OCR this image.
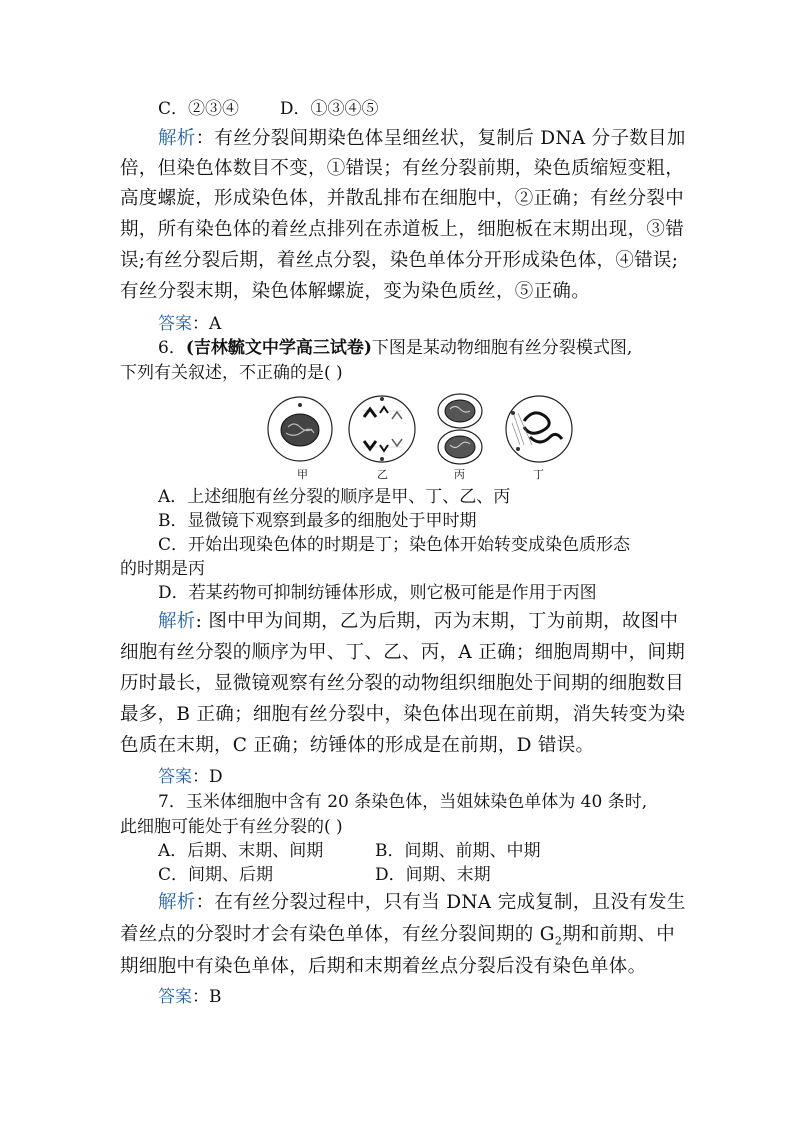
C．②③④ D．①③④⑤
解析：有丝分裂间期染色体呈细丝状，复制后 DNA 分子数目加
倍，但染色体数目不变，①错误；有丝分裂前期，染色质缩短变粗，
高度螺旋，形成染色体，并散乱排布在细胞中，②正确；有丝分裂中
期，所有染色体的着丝点排列在赤道板上，细胞板在末期出现，③错
误;有丝分裂后期，着丝点分裂，染色单体分开形成染色体，④错误;
有丝分裂末期，染色体解螺旋，变为染色质丝，⑤正确。
答案：A
6．(吉林毓文中学高三试卷)下图是某动物细胞有丝分裂模式图,
下列有关叙述，不正确的是( )
甲	乙	丙	丁
A．上述细胞有丝分裂的顺序是甲、丁、乙、丙
B．显微镜下观察到最多的细胞处于甲时期
C．开始出现染色体的时期是丁；染色体开始转变成染色质形态
的时期是丙
D．若某药物可抑制纺锤体形成，则它极可能是作用于丙图
解析: 图中甲为间期，乙为后期，丙为末期，丁为前期，故图中
细胞有丝分裂的顺序为甲、丁、乙、丙，A 正确；细胞周期中，间期
历时最长，显微镜观察有丝分裂的动物组织细胞处于间期的细胞数目
最多，B 正确；细胞有丝分裂中，染色体出现在前期，消失转变为染
色质在末期，C 正确；纺锤体的形成是在前期，D 错误。
答案：D
7．玉米体细胞中含有 20 条染色体，当姐妹染色单体为 40 条时,
此细胞可能处于有丝分裂的( )
A．后期、末期、间期	B．间期、前期、中期
C．间期、后期	D．间期、末期
解析：在有丝分裂过程中，只有当 DNA 完成复制，且没有发生
着丝点的分裂时才会有染色单体，有丝分裂间期的 $G_2$期和前期、中
期细胞中有染色单体，后期和末期着丝点分裂后没有染色单体。
答案：B
